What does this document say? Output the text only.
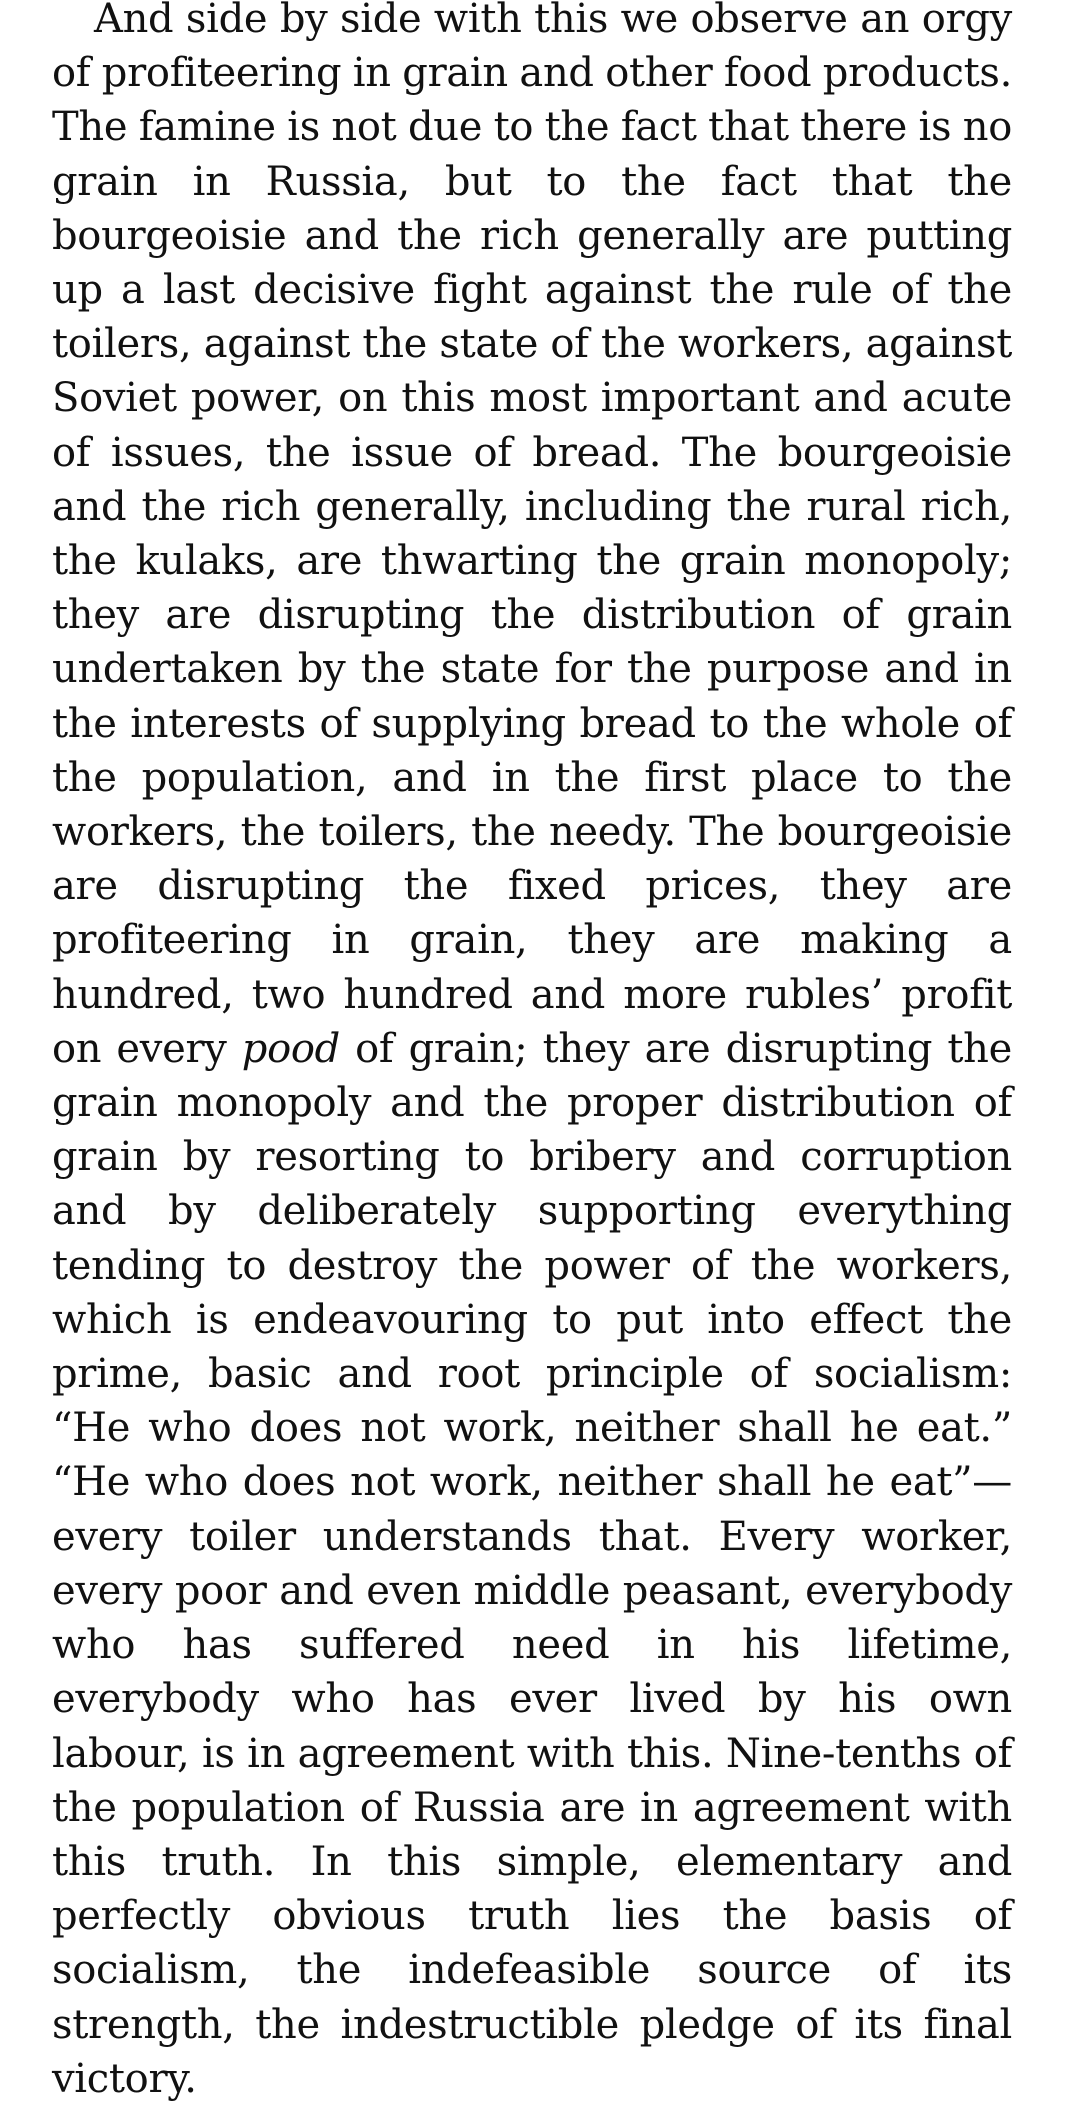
And side by side with this we observe an orgy of profiteering in grain and other food products. The famine is not due to the fact that there is no grain in Russia, but to the fact that the bourgeoisie and the rich generally are putting up a last decisive fight against the rule of the toilers, against the state of the workers, against Soviet power, on this most important and acute of issues, the issue of bread. The bourgeoisie and the rich generally, including the rural rich, the kulaks, are thwarting the grain monopoly; they are disrupting the distribution of grain undertaken by the state for the purpose and in the interests of supplying bread to the whole of the population, and in the first place to the workers, the toilers, the needy. The bourgeoisie are disrupting the fixed prices, they are profiteering in grain, they are making a hundred, two hundred and more rubles’ profit on every pood of grain; they are disrupting the grain monopoly and the proper distribution of grain by resorting to bribery and corruption and by deliberately supporting everything tending to destroy the power of the workers, which is endeavouring to put into effect the prime, basic and root principle of socialism: “He who does not work, neither shall he eat.” “He who does not work, neither shall he eat”—every toiler understands that. Every worker, every poor and even middle peasant, everybody who has suffered need in his lifetime, everybody who has ever lived by his own labour, is in agreement with this. Nine-tenths of the population of Russia are in agreement with this truth. In this simple, elementary and perfectly obvious truth lies the basis of socialism, the indefeasible source of its strength, the indestructible pledge of its final victory.
